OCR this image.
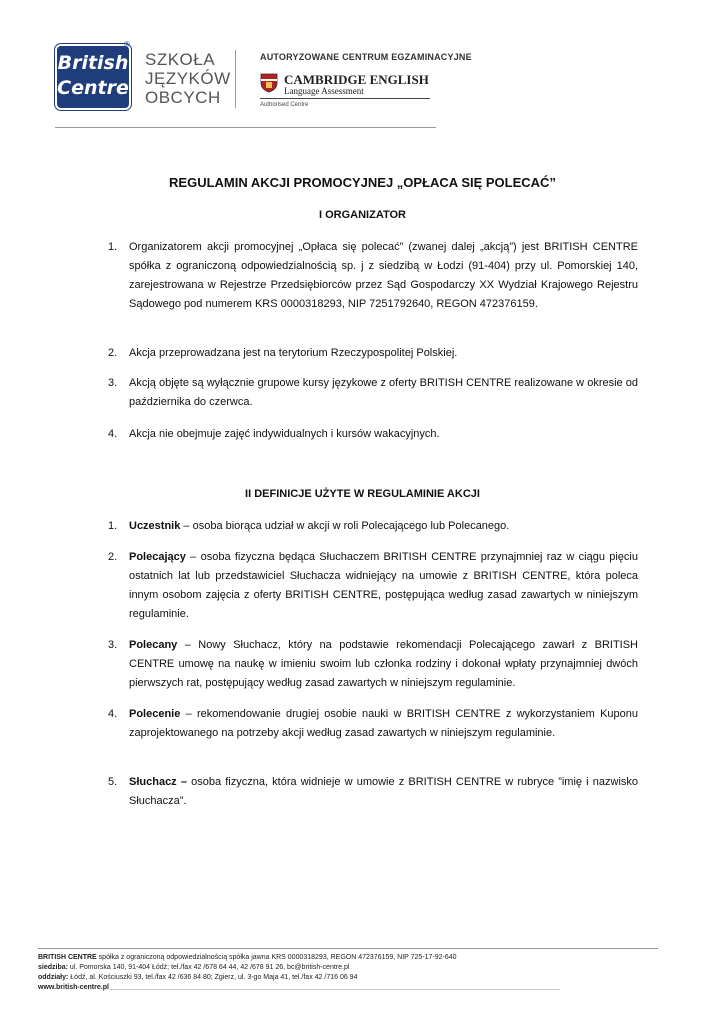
British
Centre
®
SZKOŁA
JĘZYKÓW
OBCYCH
AUTORYZOWANE CENTRUM EGZAMINACYJNE
CAMBRIDGE ENGLISH
Language Assessment
Authorised Centre
REGULAMIN AKCJI PROMOCYJNEJ „OPŁACA SIĘ POLECAĆ”
I ORGANIZATOR
1.	Organizatorem akcji promocyjnej „Opłaca się polecać” (zwanej dalej „akcją”) jest BRITISH CENTRE spółka z ograniczoną odpowiedzialnością sp. j z siedzibą w Łodzi (91-404) przy ul. Pomorskiej 140, zarejestrowana w Rejestrze Przedsiębiorców przez Sąd Gospodarczy XX Wydział Krajowego Rejestru Sądowego pod numerem KRS 0000318293, NIP 7251792640, REGON 472376159.
2.	Akcja przeprowadzana jest na terytorium Rzeczypospolitej Polskiej.
3.	Akcją objęte są wyłącznie grupowe kursy językowe z oferty BRITISH CENTRE realizowane w okresie od października do czerwca.
4.	Akcja nie obejmuje zajęć indywidualnych i kursów wakacyjnych.
II DEFINICJE UŻYTE W REGULAMINIE AKCJI
1.	Uczestnik – osoba biorąca udział w akcji w roli Polecającego lub Polecanego.
2.	Polecający – osoba fizyczna będąca Słuchaczem BRITISH CENTRE przynajmniej raz w ciągu pięciu ostatnich lat lub przedstawiciel Słuchacza widniejący na umowie z BRITISH CENTRE, która poleca innym osobom zajęcia z oferty BRITISH CENTRE, postępująca według zasad zawartych w niniejszym regulaminie.
3.	Polecany – Nowy Słuchacz, który na podstawie rekomendacji Polecającego zawarł z BRITISH CENTRE umowę na naukę w imieniu swoim lub członka rodziny i dokonał wpłaty przynajmniej dwóch pierwszych rat, postępujący według zasad zawartych w niniejszym regulaminie.
4.	Polecenie – rekomendowanie drugiej osobie nauki w BRITISH CENTRE z wykorzystaniem Kuponu zaprojektowanego na potrzeby akcji według zasad zawartych w niniejszym regulaminie.
5.	Słuchacz – osoba fizyczna, która widnieje w umowie z BRITISH CENTRE w rubryce ”imię i nazwisko Słuchacza”.
BRITISH CENTRE spółka z ograniczoną odpowiedzialnością spółka jawna KRS 0000318293, REGON 472376159, NIP 725-17-92-640
siedziba: ul. Pomorska 140, 91-404 Łódź; tel./fax 42 /678 64 44, 42 /678 91 26, bc@british-centre.pl
oddziały: Łódź, al. Kościuszki 93, tel./fax 42 /636 84 80; Zgierz, ul. 3-go Maja 41, tel./fax 42 /716 06 94
www.british-centre.pl
